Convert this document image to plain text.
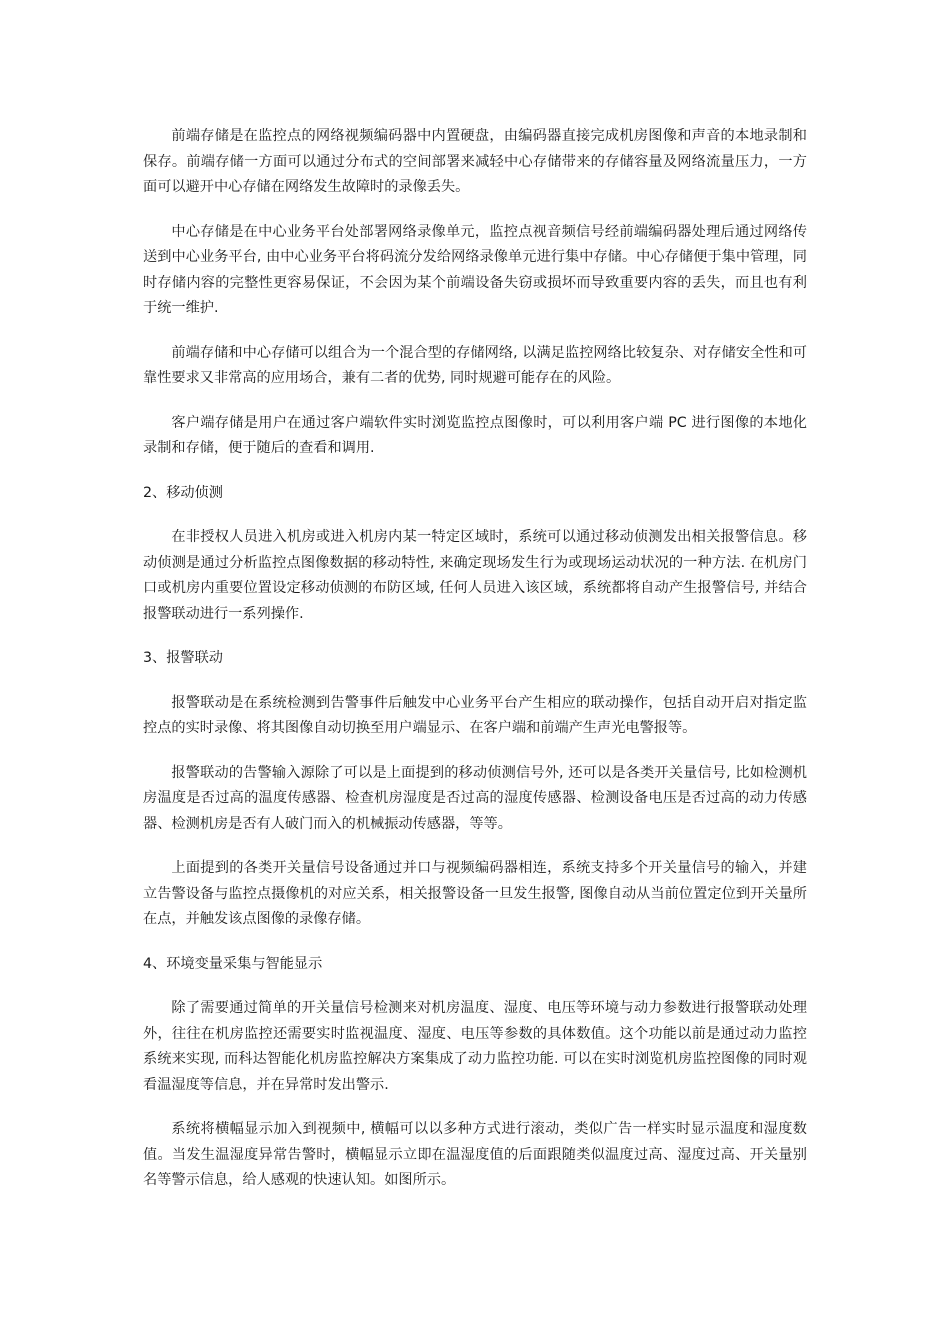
前端存储是在监控点的网络视频编码器中内置硬盘，由编码器直接完成机房图像和声音的本地录制和保存。前端存储一方面可以通过分布式的空间部署来减轻中心存储带来的存储容量及网络流量压力，一方面可以避开中心存储在网络发生故障时的录像丢失。

中心存储是在中心业务平台处部署网络录像单元，监控点视音频信号经前端编码器处理后通过网络传送到中心业务平台, 由中心业务平台将码流分发给网络录像单元进行集中存储。中心存储便于集中管理，同时存储内容的完整性更容易保证，不会因为某个前端设备失窃或损坏而导致重要内容的丢失，而且也有利于统一维护.

前端存储和中心存储可以组合为一个混合型的存储网络, 以满足监控网络比较复杂、对存储安全性和可靠性要求又非常高的应用场合，兼有二者的优势, 同时规避可能存在的风险。

客户端存储是用户在通过客户端软件实时浏览监控点图像时，可以利用客户端 PC 进行图像的本地化录制和存储，便于随后的查看和调用.

2、移动侦测

在非授权人员进入机房或进入机房内某一特定区域时，系统可以通过移动侦测发出相关报警信息。移动侦测是通过分析监控点图像数据的移动特性, 来确定现场发生行为或现场运动状况的一种方法. 在机房门口或机房内重要位置设定移动侦测的布防区域, 任何人员进入该区域，系统都将自动产生报警信号, 并结合报警联动进行一系列操作.

3、报警联动

报警联动是在系统检测到告警事件后触发中心业务平台产生相应的联动操作，包括自动开启对指定监控点的实时录像、将其图像自动切换至用户端显示、在客户端和前端产生声光电警报等。

报警联动的告警输入源除了可以是上面提到的移动侦测信号外, 还可以是各类开关量信号, 比如检测机房温度是否过高的温度传感器、检查机房湿度是否过高的湿度传感器、检测设备电压是否过高的动力传感器、检测机房是否有人破门而入的机械振动传感器，等等。

上面提到的各类开关量信号设备通过并口与视频编码器相连，系统支持多个开关量信号的输入，并建立告警设备与监控点摄像机的对应关系，相关报警设备一旦发生报警, 图像自动从当前位置定位到开关量所在点，并触发该点图像的录像存储。

4、环境变量采集与智能显示

除了需要通过简单的开关量信号检测来对机房温度、湿度、电压等环境与动力参数进行报警联动处理外，往往在机房监控还需要实时监视温度、湿度、电压等参数的具体数值。这个功能以前是通过动力监控系统来实现, 而科达智能化机房监控解决方案集成了动力监控功能. 可以在实时浏览机房监控图像的同时观看温湿度等信息，并在异常时发出警示.

系统将横幅显示加入到视频中, 横幅可以以多种方式进行滚动，类似广告一样实时显示温度和湿度数值。当发生温湿度异常告警时，横幅显示立即在温湿度值的后面跟随类似温度过高、湿度过高、开关量别名等警示信息，给人感观的快速认知。如图所示。
